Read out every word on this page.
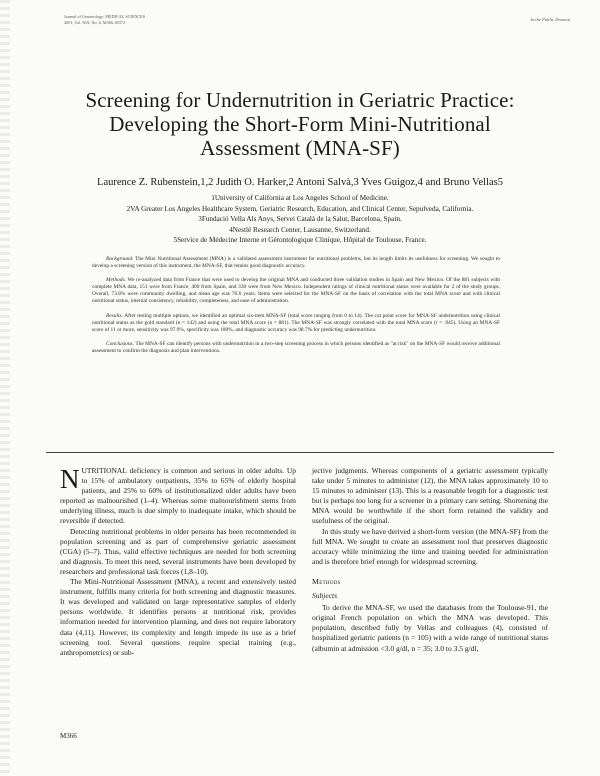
Journal of Gerontology: MEDICAL SCIENCES
2001, Vol. 56A, No. 6, M366–M372
In the Public Domain
Screening for Undernutrition in Geriatric Practice:
Developing the Short-Form Mini-Nutritional
Assessment (MNA-SF)

Laurence Z. Rubenstein,1,2 Judith O. Harker,2 Antoni Salvà,3 Yves Guigoz,4 and Bruno Vellas5

1University of California at Los Angeles School of Medicine.
2VA Greater Los Angeles Healthcare System, Geriatric Research, Education, and Clinical Center, Sepulveda, California.
3Fundació Vella Als Anys, Servei Català de la Salut, Barcelona, Spain.
4Nestlé Research Center, Lausanne, Switzerland.
5Service de Médecine Interne et Gérontologique Clinique, Hôpital de Toulouse, France.

Background. The Mini Nutritional Assessment (MNA) is a validated assessment instrument for nutritional problems, but its length limits its usefulness for screening. We sought to develop a screening version of this instrument, the MNA-SF, that retains good diagnostic accuracy.

Methods. We re-analyzed data from France that were used to develop the original MNA and conducted three validation studies in Spain and New Mexico. Of the 881 subjects with complete MNA data, 151 were from France, 400 from Spain, and 330 were from New Mexico. Independent ratings of clinical nutritional status were available for 2 of the study groups. Overall, 73.8% were community dwelling, and mean age was 76.6 years. Items were selected for the MNA-SF on the basis of correlation with the total MNA score and with clinical nutritional status, internal consistency, reliability, completeness, and ease of administration.

Results. After testing multiple options, we identified an optimal six-item MNA-SF (total score ranging from 0 to 14). The cut point score for MNA-SF undernutrition using clinical nutritional status as the gold standard (n = 142) and using the total MNA score (n = 881). The MNA-SF was strongly correlated with the total MNA score (r = .945). Using an MNA-SF score of 11 or more, sensitivity was 97.9%, specificity was 100%, and diagnostic accuracy was 98.7% for predicting undernutrition.

Conclusions. The MNA-SF can identify persons with undernutrition in a two-step screening process in which persons identified as "at risk" on the MNA-SF would receive additional assessment to confirm the diagnosis and plan interventions.

NUTRITIONAL deficiency is common and serious in older adults. Up to 15% of ambulatory outpatients, 35% to 65% of elderly hospital patients, and 25% to 60% of institutionalized older adults have been reported as malnourished (1–4). Whereas some malnourishment stems from underlying illness, much is due simply to inadequate intake, which should be reversible if detected.

Detecting nutritional problems in older persons has been recommended in population screening and as part of comprehensive geriatric assessment (CGA) (5–7). Thus, valid effective techniques are needed for both screening and diagnosis. To meet this need, several instruments have been developed by researchers and professional task forces (1,8–10).

The Mini-Nutritional Assessment (MNA), a recent and extensively tested instrument, fulfills many criteria for both screening and diagnostic measures. It was developed and validated on large representative samples of elderly persons worldwide. It identifies persons at nutritional risk, provides information needed for intervention planning, and does not require laboratory data (4,11). However, its complexity and length impede its use as a brief screening tool. Several questions require special training (e.g., anthropometrics) or sub-

jective judgments. Whereas components of a geriatric assessment typically take under 5 minutes to administer (12), the MNA takes approximately 10 to 15 minutes to administer (13). This is a reasonable length for a diagnostic test but is perhaps too long for a screener in a primary care setting. Shortening the MNA would be worthwhile if the short form retained the validity and usefulness of the original.

In this study we have derived a short-form version (the MNA-SF) from the full MNA. We sought to create an assessment tool that preserves diagnostic accuracy while minimizing the time and training needed for administration and is therefore brief enough for widespread screening.

Methods
Subjects

To derive the MNA-SF, we used the databases from the Toulouse-91, the original French population on which the MNA was developed. This population, described fully by Vellas and colleagues (4), consisted of hospitalized geriatric patients (n = 105) with a wide range of nutritional status (albumin at admission <3.0 g/dl, n = 35; 3.0 to 3.5 g/dl,

M366
